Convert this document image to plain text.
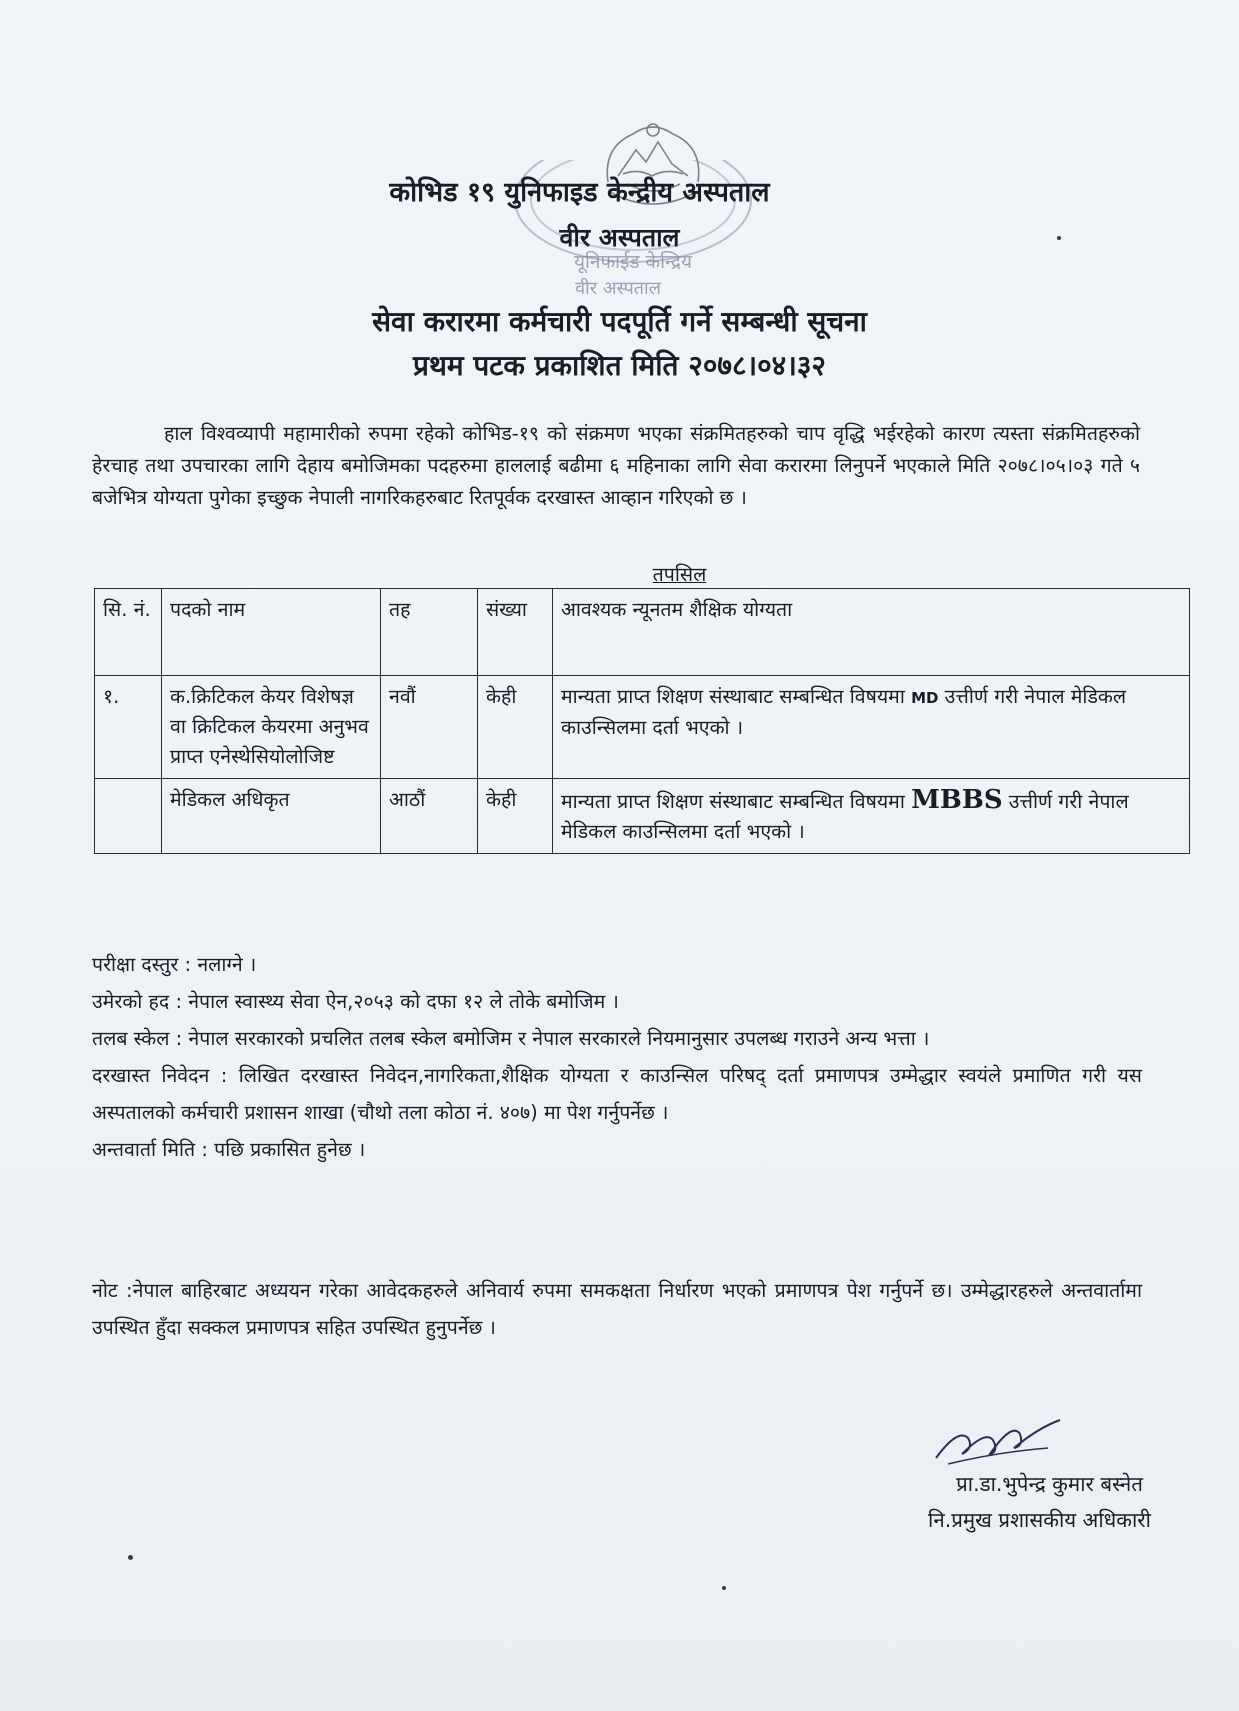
यूनिफाईड केन्द्रिय
वीर अस्पताल
कोभिड १९ युनिफाइड केन्द्रीय अस्पताल
वीर अस्पताल
सेवा करारमा कर्मचारी पदपूर्ति गर्ने सम्बन्धी सूचना
प्रथम पटक प्रकाशित मिति २०७८।०४।३२
हाल विश्वव्यापी महामारीको रुपमा रहेको कोभिड-१९ को संक्रमण भएका संक्रमितहरुको चाप वृद्धि भईरहेको कारण त्यस्ता संक्रमितहरुको हेरचाह तथा उपचारका लागि देहाय बमोजिमका पदहरुमा हाललाई बढीमा ६ महिनाका लागि सेवा करारमा लिनुपर्ने भएकाले मिति २०७८।०५।०३ गते ५ बजेभित्र योग्यता पुगेका इच्छुक नेपाली नागरिकहरुबाट रितपूर्वक दरखास्त आव्हान गरिएको छ ।
तपसिल
सि. नं.	पदको नाम	तह	संख्या	आवश्यक न्यूनतम शैक्षिक योग्यता
१.	क.क्रिटिकल केयर विशेषज्ञ वा क्रिटिकल केयरमा अनुभव प्राप्त एनेस्थेसियोलोजिष्ट	नवौं	केही	मान्यता प्राप्त शिक्षण संस्थाबाट सम्बन्धित विषयमा MD उत्तीर्ण गरी नेपाल मेडिकल काउन्सिलमा दर्ता भएको ।
	मेडिकल अधिकृत	आठौं	केही	मान्यता प्राप्त शिक्षण संस्थाबाट सम्बन्धित विषयमा MBBS उत्तीर्ण गरी नेपाल मेडिकल काउन्सिलमा दर्ता भएको ।
परीक्षा दस्तुर : नलाग्ने ।
उमेरको हद : नेपाल स्वास्थ्य सेवा ऐन,२०५३ को दफा १२ ले तोके बमोजिम ।
तलब स्केल : नेपाल सरकारको प्रचलित तलब स्केल बमोजिम र नेपाल सरकारले नियमानुसार उपलब्ध गराउने अन्य भत्ता ।
दरखास्त निवेदन : लिखित दरखास्त निवेदन,नागरिकता,शैक्षिक योग्यता र काउन्सिल परिषद् दर्ता प्रमाणपत्र उम्मेद्धार स्वयंले प्रमाणित गरी यस अस्पतालको कर्मचारी प्रशासन शाखा (चौथो तला कोठा नं. ४०७) मा पेश गर्नुपर्नेछ ।
अन्तवार्ता मिति : पछि प्रकासित हुनेछ ।
नोट :नेपाल बाहिरबाट अध्ययन गरेका आवेदकहरुले अनिवार्य रुपमा समकक्षता निर्धारण भएको प्रमाणपत्र पेश गर्नुपर्ने छ। उम्मेद्धारहरुले अन्तवार्तामा उपस्थित हुँदा सक्कल प्रमाणपत्र सहित उपस्थित हुनुपर्नेछ ।
प्रा.डा.भुपेन्द्र कुमार बस्नेत
नि.प्रमुख प्रशासकीय अधिकारी
